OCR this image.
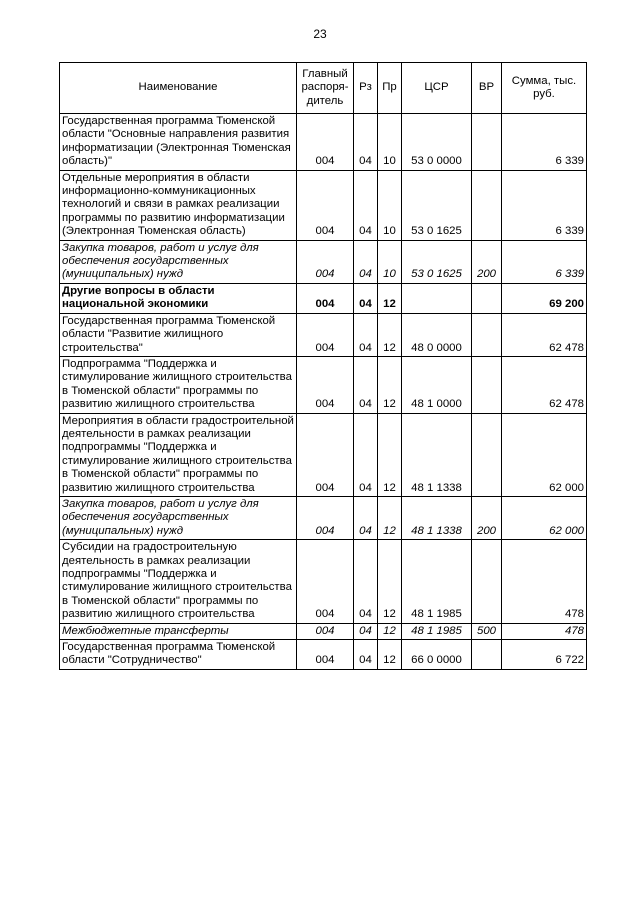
23
Наименование	Главный распоря-дитель	Рз	Пр	ЦСР	ВР	Сумма, тыс. руб.
Государственная программа Тюменской области "Основные направления развития информатизации (Электронная Тюменская область)"	004	04	10	53 0 0000		6 339
Отдельные мероприятия в области информационно-коммуникационных технологий и связи в рамках реализации программы по развитию информатизации (Электронная Тюменская область)	004	04	10	53 0 1625		6 339
Закупка товаров, работ и услуг для обеспечения государственных (муниципальных) нужд	004	04	10	53 0 1625	200	6 339
Другие вопросы в области национальной экономики	004	04	12			69 200
Государственная программа Тюменской области "Развитие жилищного строительства"	004	04	12	48 0 0000		62 478
Подпрограмма "Поддержка и стимулирование жилищного строительства в Тюменской области" программы по развитию жилищного строительства	004	04	12	48 1 0000		62 478
Мероприятия в области градостроительной деятельности в рамках реализации подпрограммы "Поддержка и стимулирование жилищного строительства в Тюменской области" программы по развитию жилищного строительства	004	04	12	48 1 1338		62 000
Закупка товаров, работ и услуг для обеспечения государственных (муниципальных) нужд	004	04	12	48 1 1338	200	62 000
Субсидии на градостроительную деятельность в рамках реализации подпрограммы "Поддержка и стимулирование жилищного строительства в Тюменской области" программы по развитию жилищного строительства	004	04	12	48 1 1985		478
Межбюджетные трансферты	004	04	12	48 1 1985	500	478
Государственная программа Тюменской области "Сотрудничество"	004	04	12	66 0 0000		6 722
